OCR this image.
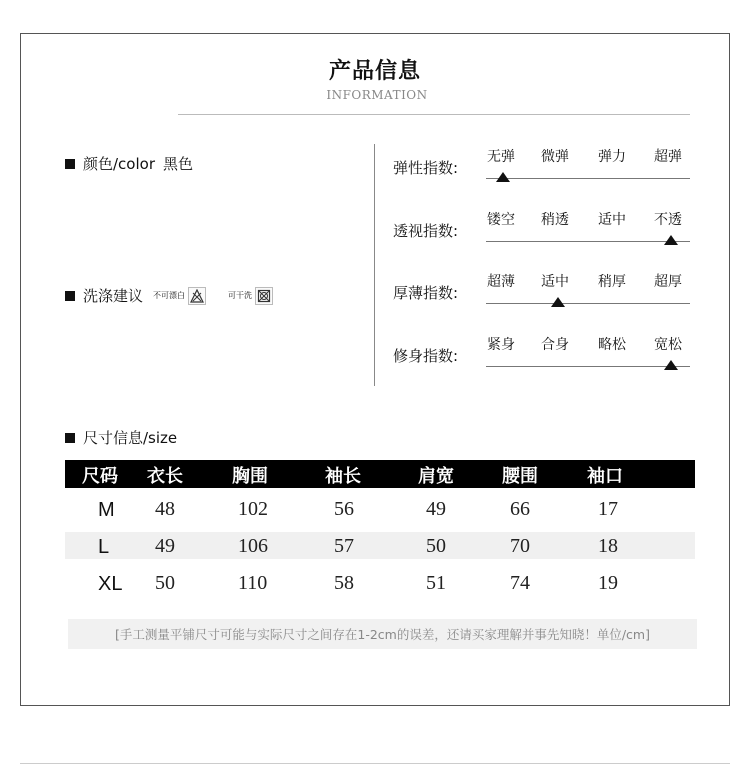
产品信息
INFORMATION
颜色/color 黑色
洗涤建议 不可漂白	可干洗
弹性指数:
无弹 微弹 弹力 超弹
透视指数:
镂空 稍透 适中 不透
厚薄指数:
超薄 适中 稍厚 超厚
修身指数:
紧身 合身 略松 宽松
尺寸信息/size
尺码 衣长	胸围	袖长	肩宽	腰围	袖口
M 48	102	56	49	66	17
L 49	106	57	50	70	18
XL 50	110	58	51	74	19
[手工测量平铺尺寸可能与实际尺寸之间存在1-2cm的误差，还请买家理解并事先知晓！单位/cm]
